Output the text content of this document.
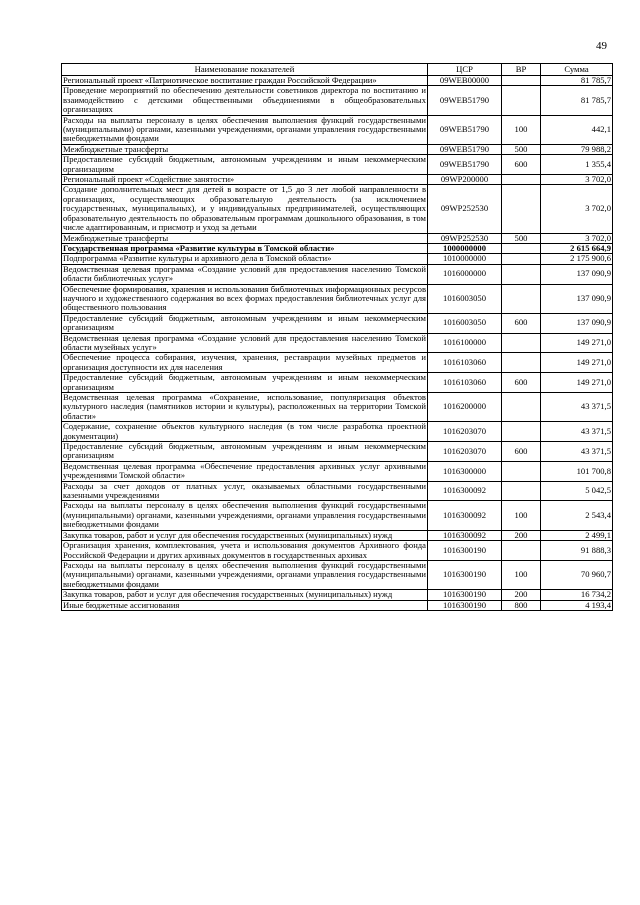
49
Наименование показателей	ЦСР	ВР	Сумма
Региональный проект «Патриотическое воспитание граждан Российской Федерации»	09WEB00000		81 785,7
Проведение мероприятий по обеспечению деятельности советников директора по воспитанию и взаимодействию с детскими общественными объединениями в общеобразовательных организациях	09WEB51790		81 785,7
Расходы на выплаты персоналу в целях обеспечения выполнения функций государственными (муниципальными) органами, казенными учреждениями, органами управления государственными внебюджетными фондами	09WEB51790	100	442,1
Межбюджетные трансферты	09WEB51790	500	79 988,2
Предоставление субсидий бюджетным, автономным учреждениям и иным некоммерческим организациям	09WEB51790	600	1 355,4
Региональный проект «Содействие занятости»	09WP200000		3 702,0
Создание дополнительных мест для детей в возрасте от 1,5 до 3 лет любой направленности в организациях, осуществляющих образовательную деятельность (за исключением государственных, муниципальных), и у индивидуальных предпринимателей, осуществляющих образовательную деятельность по образовательным программам дошкольного образования, в том числе адаптированным, и присмотр и уход за детьми	09WP252530		3 702,0
Межбюджетные трансферты	09WP252530	500	3 702,0
Государственная программа «Развитие культуры в Томской области»	1000000000		2 615 664,9
Подпрограмма «Развитие культуры и архивного дела в Томской области»	1010000000		2 175 900,6
Ведомственная целевая программа «Создание условий для предоставления населению Томской области библиотечных услуг»	1016000000		137 090,9
Обеспечение формирования, хранения и использования библиотечных информационных ресурсов научного и художественного содержания во всех формах предоставления библиотечных услуг для общественного пользования	1016003050		137 090,9
Предоставление субсидий бюджетным, автономным учреждениям и иным некоммерческим организациям	1016003050	600	137 090,9
Ведомственная целевая программа «Создание условий для предоставления населению Томской области музейных услуг»	1016100000		149 271,0
Обеспечение процесса собирания, изучения, хранения, реставрации музейных предметов и организация доступности их для населения	1016103060		149 271,0
Предоставление субсидий бюджетным, автономным учреждениям и иным некоммерческим организациям	1016103060	600	149 271,0
Ведомственная целевая программа «Сохранение, использование, популяризация объектов культурного наследия (памятников истории и культуры), расположенных на территории Томской области»	1016200000		43 371,5
Содержание, сохранение объектов культурного наследия (в том числе разработка проектной документации)	1016203070		43 371,5
Предоставление субсидий бюджетным, автономным учреждениям и иным некоммерческим организациям	1016203070	600	43 371,5
Ведомственная целевая программа «Обеспечение предоставления архивных услуг архивными учреждениями Томской области»	1016300000		101 700,8
Расходы за счет доходов от платных услуг, оказываемых областными государственными казенными учреждениями	1016300092		5 042,5
Расходы на выплаты персоналу в целях обеспечения выполнения функций государственными (муниципальными) органами, казенными учреждениями, органами управления государственными внебюджетными фондами	1016300092	100	2 543,4
Закупка товаров, работ и услуг для обеспечения государственных (муниципальных) нужд	1016300092	200	2 499,1
Организация хранения, комплектования, учета и использования документов Архивного фонда Российской Федерации и других архивных документов в государственных архивах	1016300190		91 888,3
Расходы на выплаты персоналу в целях обеспечения выполнения функций государственными (муниципальными) органами, казенными учреждениями, органами управления государственными внебюджетными фондами	1016300190	100	70 960,7
Закупка товаров, работ и услуг для обеспечения государственных (муниципальных) нужд	1016300190	200	16 734,2
Иные бюджетные ассигнования	1016300190	800	4 193,4
